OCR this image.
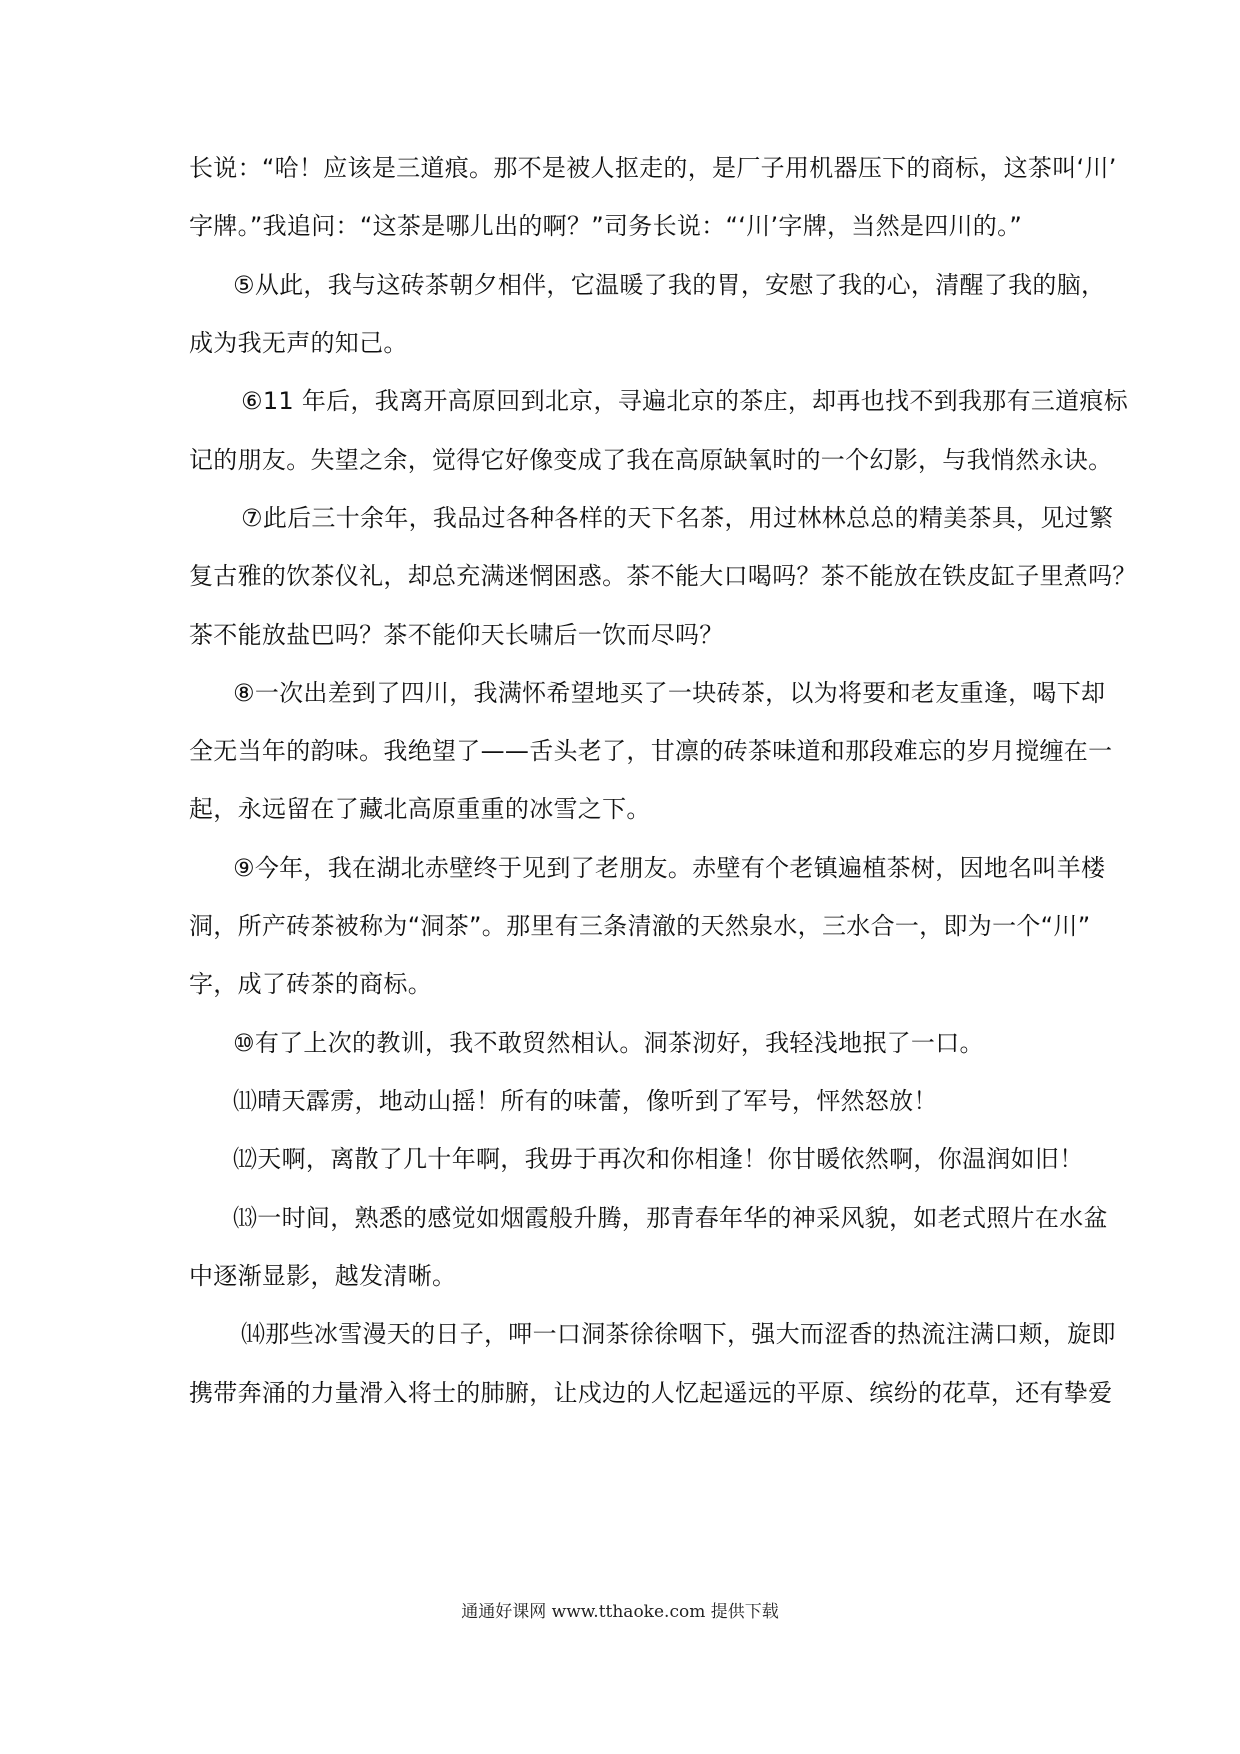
长说：“哈！应该是三道痕。那不是被人抠走的，是厂子用机器压下的商标，这茶叫‘川’
字牌。”我追问：“这茶是哪儿出的啊？”司务长说：“‘川’字牌，当然是四川的。”
⑤从此，我与这砖茶朝夕相伴，它温暖了我的胃，安慰了我的心，清醒了我的脑，
成为我无声的知己。
⑥11 年后，我离开高原回到北京，寻遍北京的茶庄，却再也找不到我那有三道痕标
记的朋友。失望之余，觉得它好像变成了我在高原缺氧时的一个幻影，与我悄然永诀。
⑦此后三十余年，我品过各种各样的天下名茶，用过林林总总的精美茶具，见过繁
复古雅的饮茶仪礼，却总充满迷惘困惑。茶不能大口喝吗？茶不能放在铁皮缸子里煮吗？
茶不能放盐巴吗？茶不能仰天长啸后一饮而尽吗？
⑧一次出差到了四川，我满怀希望地买了一块砖茶，以为将要和老友重逢，喝下却
全无当年的韵味。我绝望了——舌头老了，甘凛的砖茶味道和那段难忘的岁月搅缠在一
起，永远留在了藏北高原重重的冰雪之下。
⑨今年，我在湖北赤壁终于见到了老朋友。赤壁有个老镇遍植茶树，因地名叫羊楼
洞，所产砖茶被称为“洞茶”。那里有三条清澈的天然泉水，三水合一，即为一个“川”
字，成了砖茶的商标。
⑩有了上次的教训，我不敢贸然相认。洞茶沏好，我轻浅地抿了一口。
⑾晴天霹雳，地动山摇！所有的味蕾，像听到了军号，怦然怒放！
⑿天啊，离散了几十年啊，我毋于再次和你相逢！你甘暖依然啊，你温润如旧！
⒀一时间，熟悉的感觉如烟霞般升腾，那青春年华的神采风貌，如老式照片在水盆
中逐渐显影，越发清晰。
⒁那些冰雪漫天的日子，呷一口洞茶徐徐咽下，强大而涩香的热流注满口颊，旋即
携带奔涌的力量滑入将士的肺腑，让戍边的人忆起遥远的平原、缤纷的花草，还有挚爱
通通好课网 www.tthaoke.com 提供下载
